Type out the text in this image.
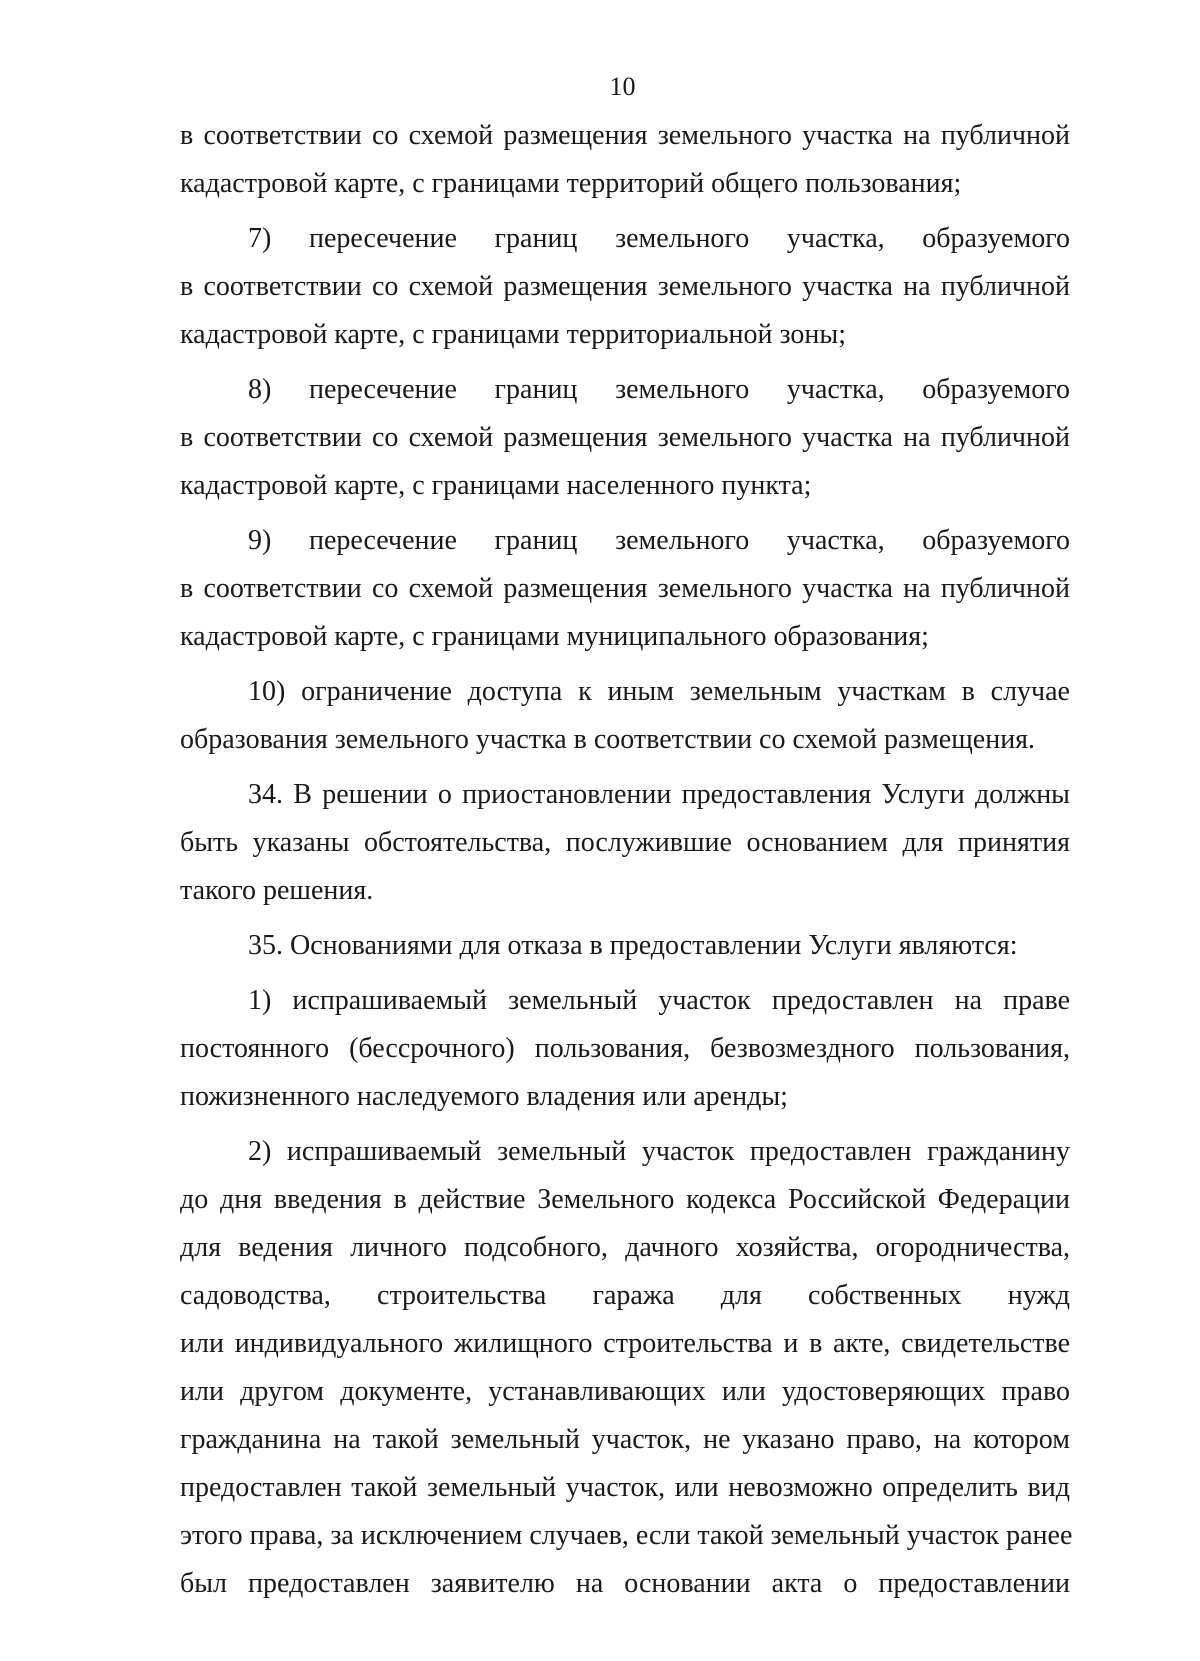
10
в соответствии со схемой размещения земельного участка на публичной
кадастровой карте, с границами территорий общего пользования;
7) пересечение границ земельного участка, образуемого
в соответствии со схемой размещения земельного участка на публичной
кадастровой карте, с границами территориальной зоны;
8) пересечение границ земельного участка, образуемого
в соответствии со схемой размещения земельного участка на публичной
кадастровой карте, с границами населенного пункта;
9) пересечение границ земельного участка, образуемого
в соответствии со схемой размещения земельного участка на публичной
кадастровой карте, с границами муниципального образования;
10) ограничение доступа к иным земельным участкам в случае
образования земельного участка в соответствии со схемой размещения.
34. В решении о приостановлении предоставления Услуги должны
быть указаны обстоятельства, послужившие основанием для принятия
такого решения.
35. Основаниями для отказа в предоставлении Услуги являются:
1) испрашиваемый земельный участок предоставлен на праве
постоянного (бессрочного) пользования, безвозмездного пользования,
пожизненного наследуемого владения или аренды;
2) испрашиваемый земельный участок предоставлен гражданину
до дня введения в действие Земельного кодекса Российской Федерации
для ведения личного подсобного, дачного хозяйства, огородничества,
садоводства, строительства гаража для собственных нужд
или индивидуального жилищного строительства и в акте, свидетельстве
или другом документе, устанавливающих или удостоверяющих право
гражданина на такой земельный участок, не указано право, на котором
предоставлен такой земельный участок, или невозможно определить вид
этого права, за исключением случаев, если такой земельный участок ранее
был предоставлен заявителю на основании акта о предоставлении
